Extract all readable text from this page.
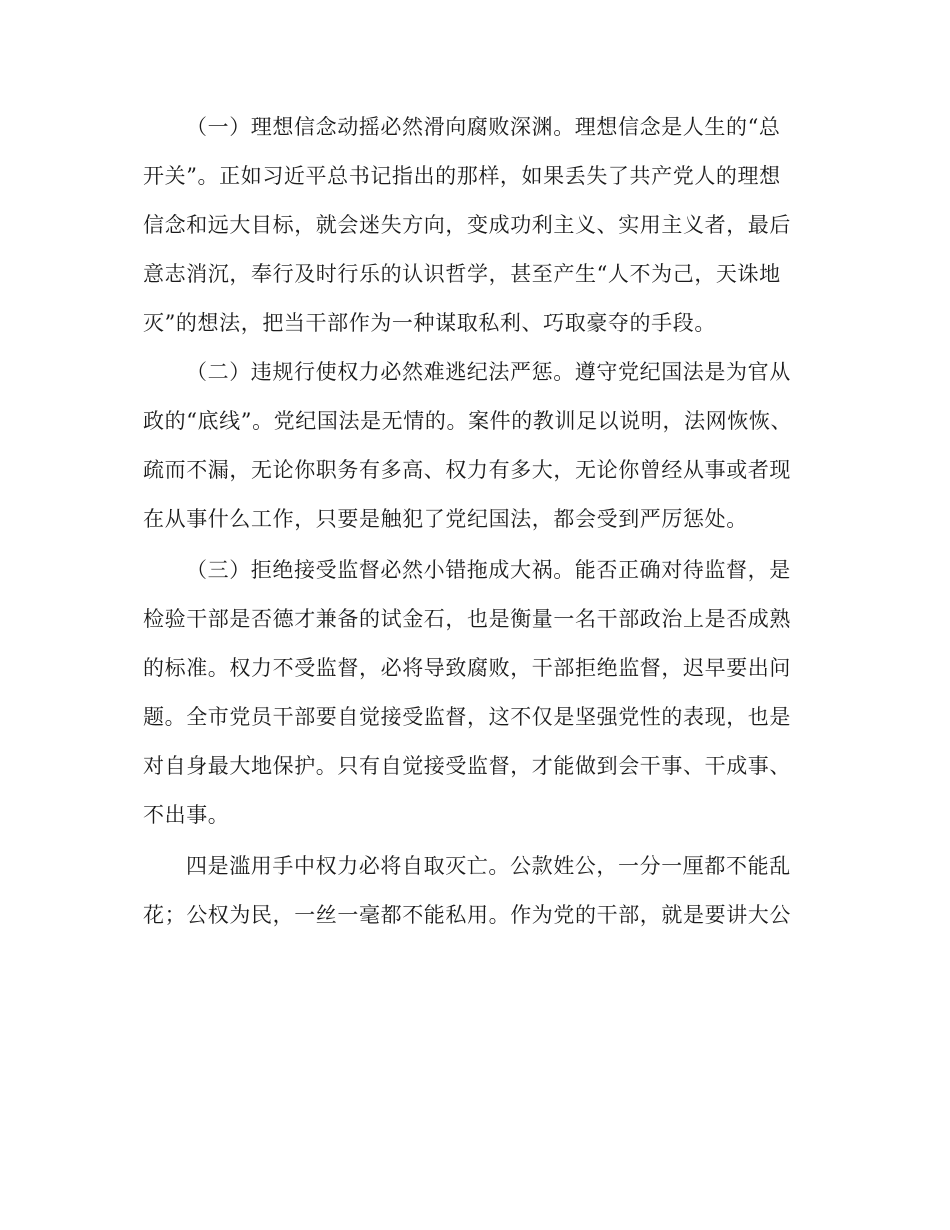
（一）理想信念动摇必然滑向腐败深渊。理想信念是人生的“总
开关”。正如习近平总书记指出的那样，如果丢失了共产党人的理想
信念和远大目标，就会迷失方向，变成功利主义、实用主义者，最后
意志消沉，奉行及时行乐的认识哲学，甚至产生“人不为己，天诛地
灭”的想法，把当干部作为一种谋取私利、巧取豪夺的手段。
（二）违规行使权力必然难逃纪法严惩。遵守党纪国法是为官从
政的“底线”。党纪国法是无情的。案件的教训足以说明，法网恢恢、
疏而不漏，无论你职务有多高、权力有多大，无论你曾经从事或者现
在从事什么工作，只要是触犯了党纪国法，都会受到严厉惩处。
（三）拒绝接受监督必然小错拖成大祸。能否正确对待监督，是
检验干部是否德才兼备的试金石，也是衡量一名干部政治上是否成熟
的标准。权力不受监督，必将导致腐败，干部拒绝监督，迟早要出问
题。全市党员干部要自觉接受监督，这不仅是坚强党性的表现，也是
对自身最大地保护。只有自觉接受监督，才能做到会干事、干成事、
不出事。
四是滥用手中权力必将自取灭亡。公款姓公，一分一厘都不能乱
花；公权为民，一丝一毫都不能私用。作为党的干部，就是要讲大公
